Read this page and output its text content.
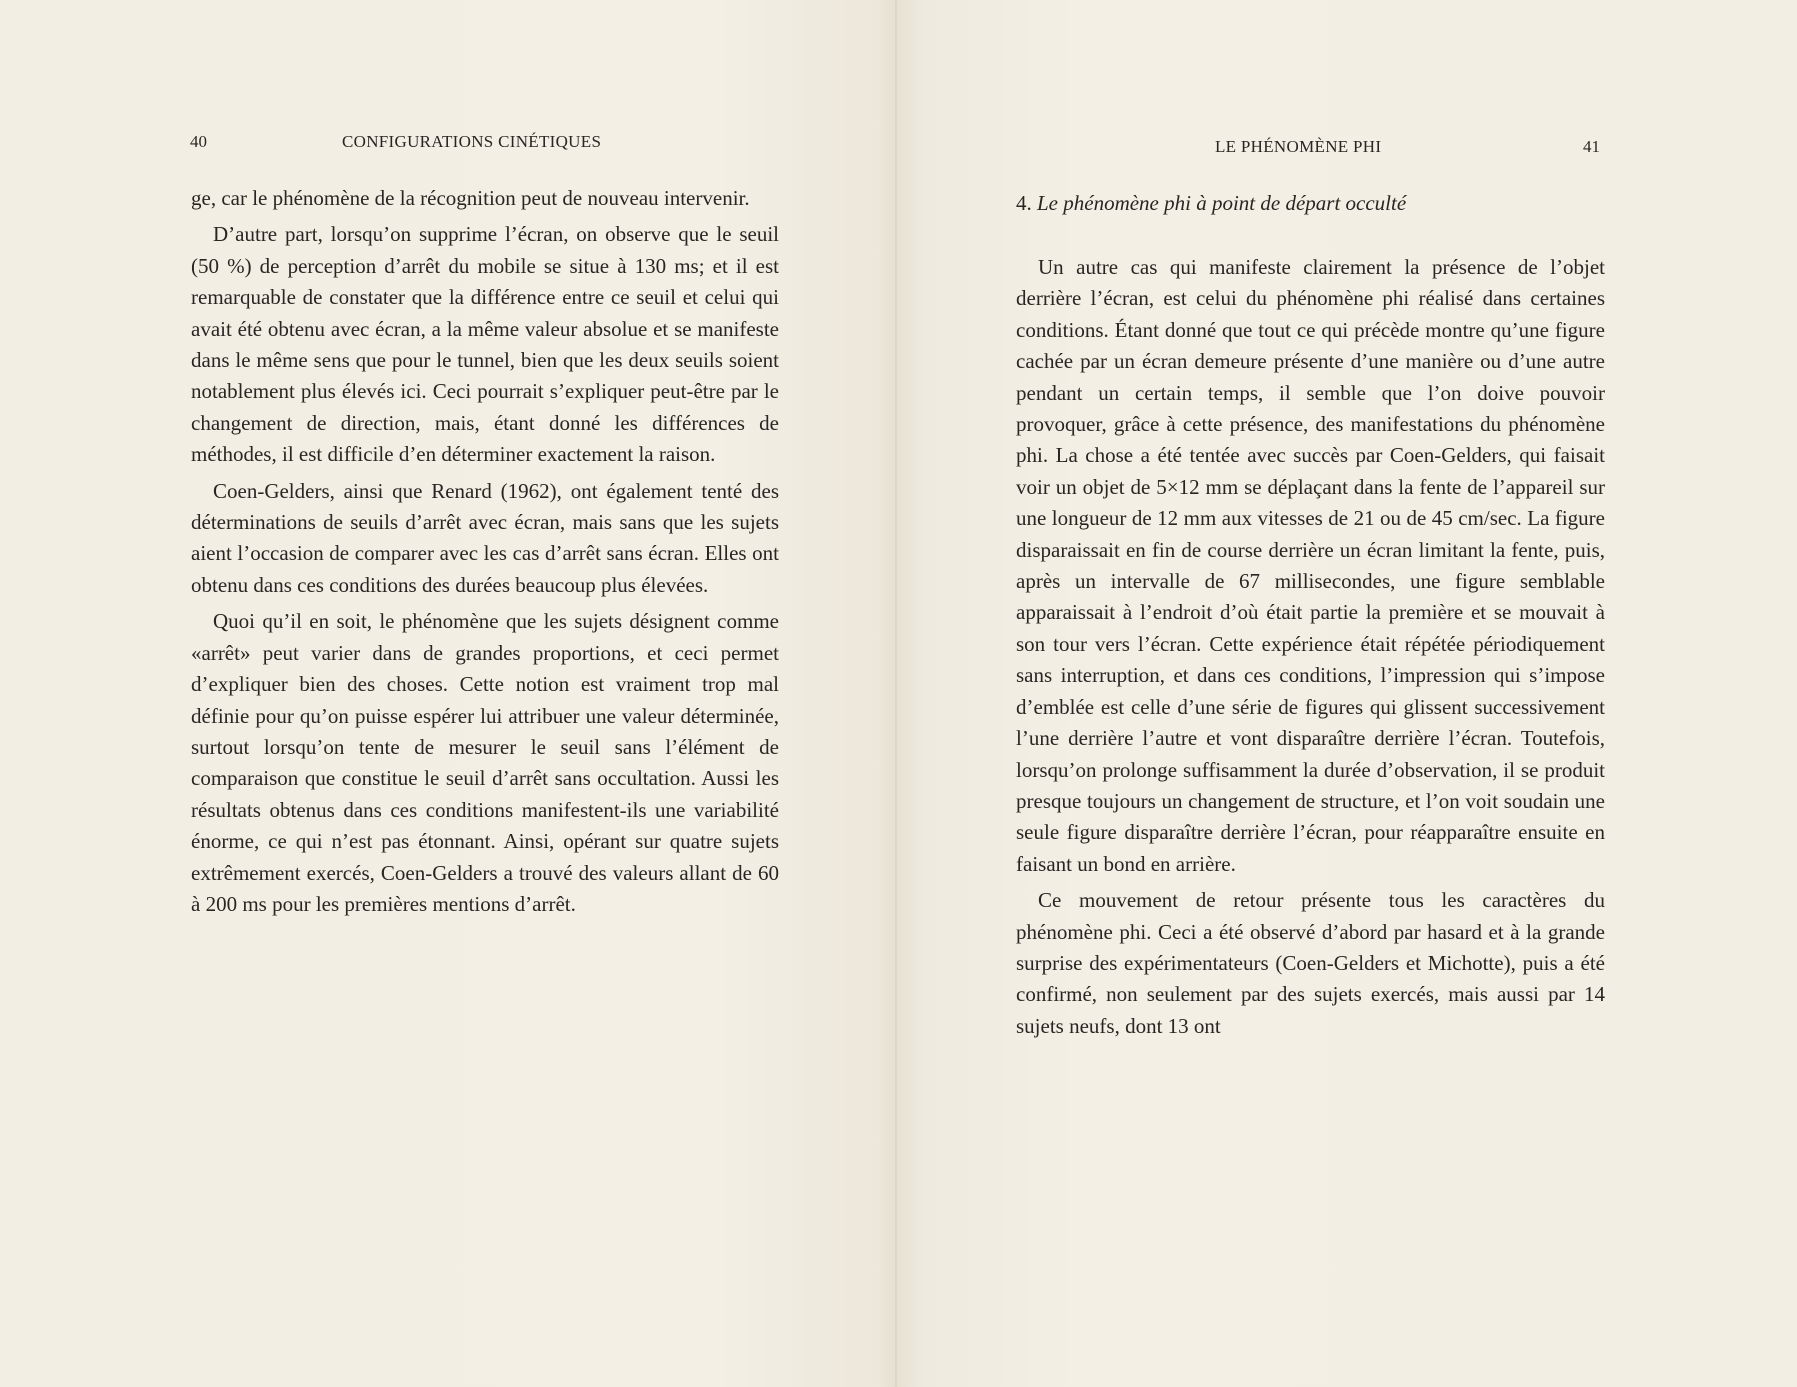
40	CONFIGURATIONS CINÉTIQUES

ge, car le phénomène de la récognition peut de nouveau intervenir.

D’autre part, lorsqu’on supprime l’écran, on observe que le seuil (50 %) de perception d’arrêt du mobile se situe à 130 ms; et il est remarquable de constater que la différence entre ce seuil et celui qui avait été obtenu avec écran, a la même valeur absolue et se manifeste dans le même sens que pour le tunnel, bien que les deux seuils soient notablement plus élevés ici. Ceci pourrait s’expliquer peut-être par le changement de direction, mais, étant donné les différences de méthodes, il est difficile d’en déterminer exactement la raison.

Coen-Gelders, ainsi que Renard (1962), ont également tenté des déterminations de seuils d’arrêt avec écran, mais sans que les sujets aient l’occasion de comparer avec les cas d’arrêt sans écran. Elles ont obtenu dans ces conditions des durées beaucoup plus élevées.

Quoi qu’il en soit, le phénomène que les sujets désignent comme «arrêt» peut varier dans de grandes proportions, et ceci permet d’expliquer bien des choses. Cette notion est vraiment trop mal définie pour qu’on puisse espérer lui attribuer une valeur déterminée, surtout lorsqu’on tente de mesurer le seuil sans l’élément de comparaison que constitue le seuil d’arrêt sans occultation. Aussi les résultats obtenus dans ces conditions manifestent-ils une variabilité énorme, ce qui n’est pas étonnant. Ainsi, opérant sur quatre sujets extrêmement exercés, Coen-Gelders a trouvé des valeurs allant de 60 à 200 ms pour les premières mentions d’arrêt.

LE PHÉNOMÈNE PHI	41
4. Le phénomène phi à point de départ occulté

Un autre cas qui manifeste clairement la présence de l’objet derrière l’écran, est celui du phénomène phi réalisé dans certaines conditions. Étant donné que tout ce qui précède montre qu’une figure cachée par un écran demeure présente d’une manière ou d’une autre pendant un certain temps, il semble que l’on doive pouvoir provoquer, grâce à cette présence, des manifestations du phénomène phi. La chose a été tentée avec succès par Coen-Gelders, qui faisait voir un objet de 5×12 mm se déplaçant dans la fente de l’appareil sur une longueur de 12 mm aux vitesses de 21 ou de 45 cm/sec. La figure disparaissait en fin de course derrière un écran limitant la fente, puis, après un intervalle de 67 millisecondes, une figure semblable apparaissait à l’endroit d’où était partie la première et se mouvait à son tour vers l’écran. Cette expérience était répétée périodiquement sans interruption, et dans ces conditions, l’impression qui s’impose d’emblée est celle d’une série de figures qui glissent successivement l’une derrière l’autre et vont disparaître derrière l’écran. Toutefois, lorsqu’on prolonge suffisamment la durée d’observation, il se produit presque toujours un changement de structure, et l’on voit soudain une seule figure disparaître derrière l’écran, pour réapparaître ensuite en faisant un bond en arrière.

Ce mouvement de retour présente tous les caractères du phénomène phi. Ceci a été observé d’abord par hasard et à la grande surprise des expérimentateurs (Coen-Gelders et Michotte), puis a été confirmé, non seulement par des sujets exercés, mais aussi par 14 sujets neufs, dont 13 ont
